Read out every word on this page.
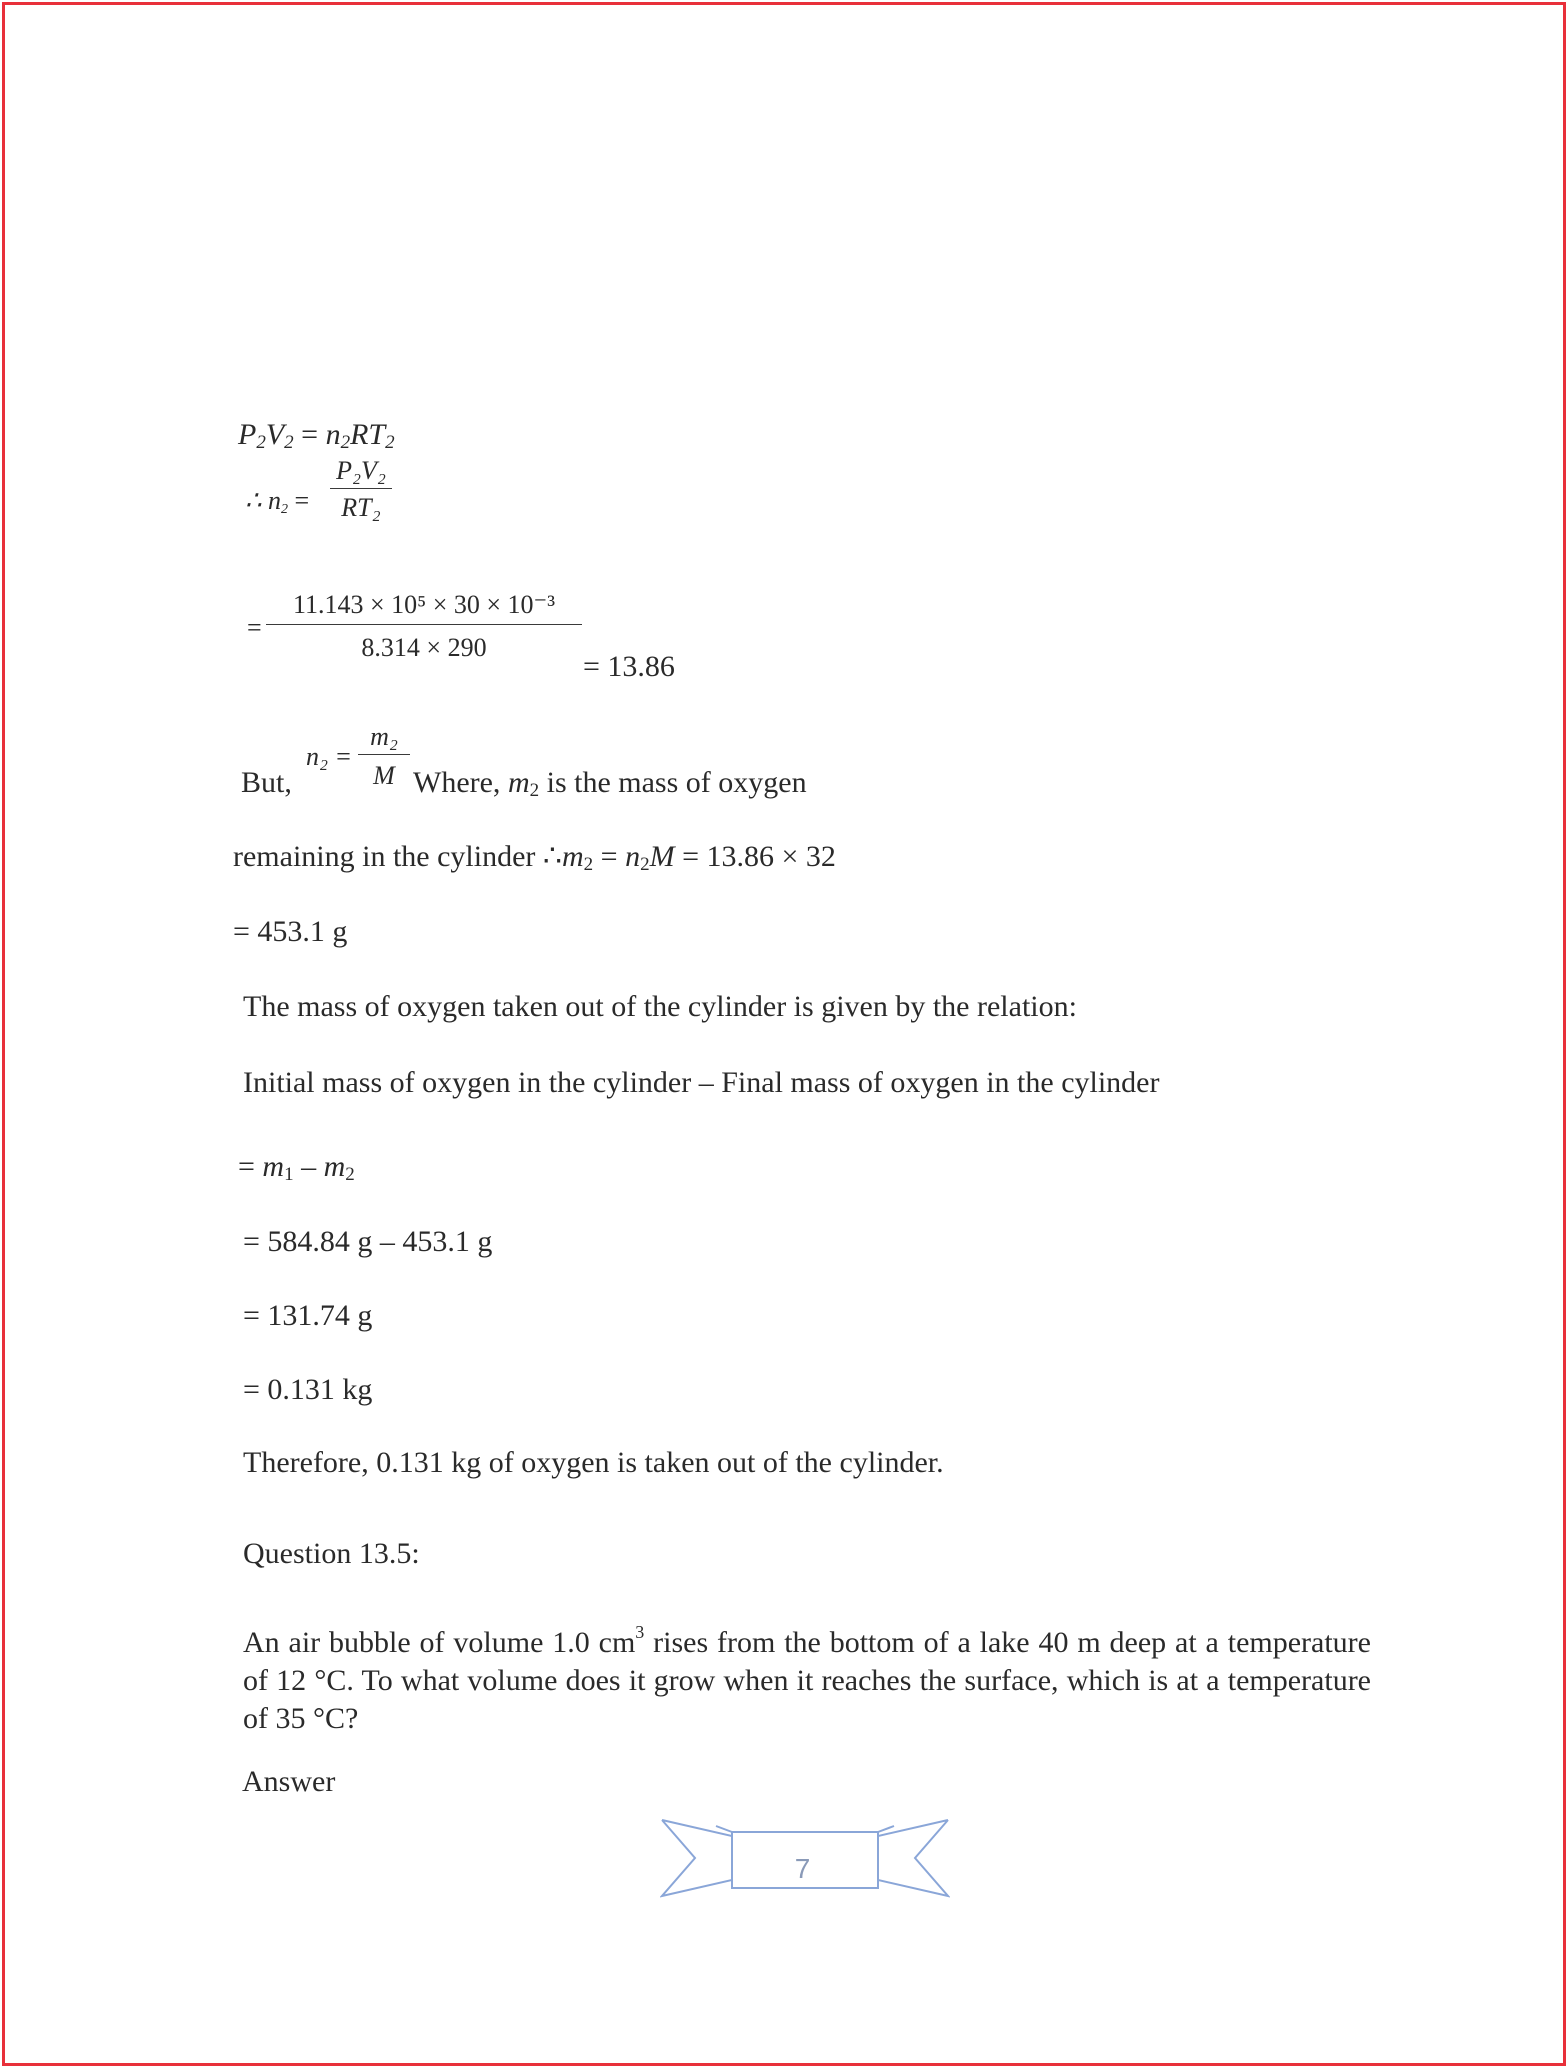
$P_2V_2 = n_2RT_2$
∴ $n_2$ =
P₂V₂
RT₂
=
11.143 × 10⁵ × 30 × 10⁻³
8.314 × 290
= 13.86
But,
n₂ =
m₂
M Where, $m_2$ is the mass of oxygen
remaining in the cylinder $\therefore m_2 = n_2M = 13.86 \times 32$
= 453.1 g
The mass of oxygen taken out of the cylinder is given by the relation:
Initial mass of oxygen in the cylinder – Final mass of oxygen in the cylinder
= $m_1 - m_2$
= 584.84 g – 453.1 g
= 131.74 g
= 0.131 kg
Therefore, 0.131 kg of oxygen is taken out of the cylinder.
Question 13.5:
An air bubble of volume 1.0 $cm^3$ rises from the bottom of a lake 40 m deep at a temperature of 12 °C. To what volume does it grow when it reaches the surface, which is at a temperature of 35 °C?
Answer
7
